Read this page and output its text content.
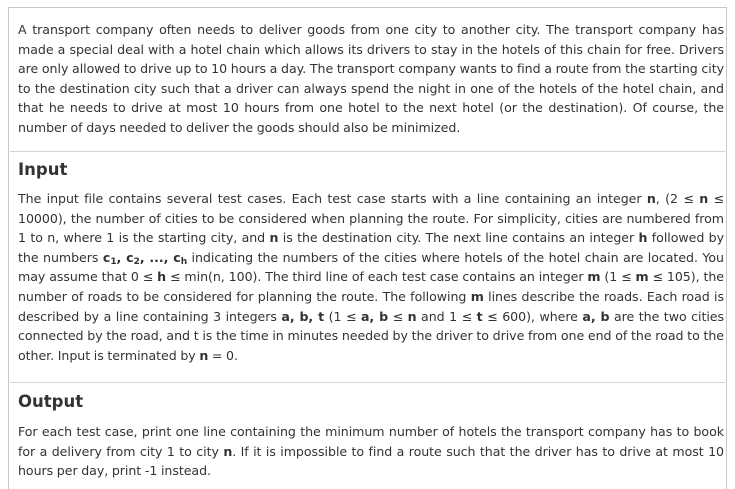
A transport company often needs to deliver goods from one city to another city. The transport company has made a special deal with a hotel chain which allows its drivers to stay in the hotels of this chain for free. Drivers are only allowed to drive up to 10 hours a day. The transport company wants to find a route from the starting city to the destination city such that a driver can always spend the night in one of the hotels of the hotel chain, and that he needs to drive at most 10 hours from one hotel to the next hotel (or the destination). Of course, the number of days needed to deliver the goods should also be minimized.

Input

The input file contains several test cases. Each test case starts with a line containing an integer n, (2 ≤ n ≤ 10000), the number of cities to be considered when planning the route. For simplicity, cities are numbered from 1 to n, where 1 is the starting city, and n is the destination city. The next line contains an integer h followed by the numbers $c_1$, $c_2$, ..., $c_h$ indicating the numbers of the cities where hotels of the hotel chain are located. You may assume that 0 ≤ h ≤ min(n, 100). The third line of each test case contains an integer m (1 ≤ m ≤ 105), the number of roads to be considered for planning the route. The following m lines describe the roads. Each road is described by a line containing 3 integers a, b, t (1 ≤ a, b ≤ n and 1 ≤ t ≤ 600), where a, b are the two cities connected by the road, and t is the time in minutes needed by the driver to drive from one end of the road to the other. Input is terminated by n = 0.

Output

For each test case, print one line containing the minimum number of hotels the transport company has to book for a delivery from city 1 to city n. If it is impossible to find a route such that the driver has to drive at most 10 hours per day, print -1 instead.
